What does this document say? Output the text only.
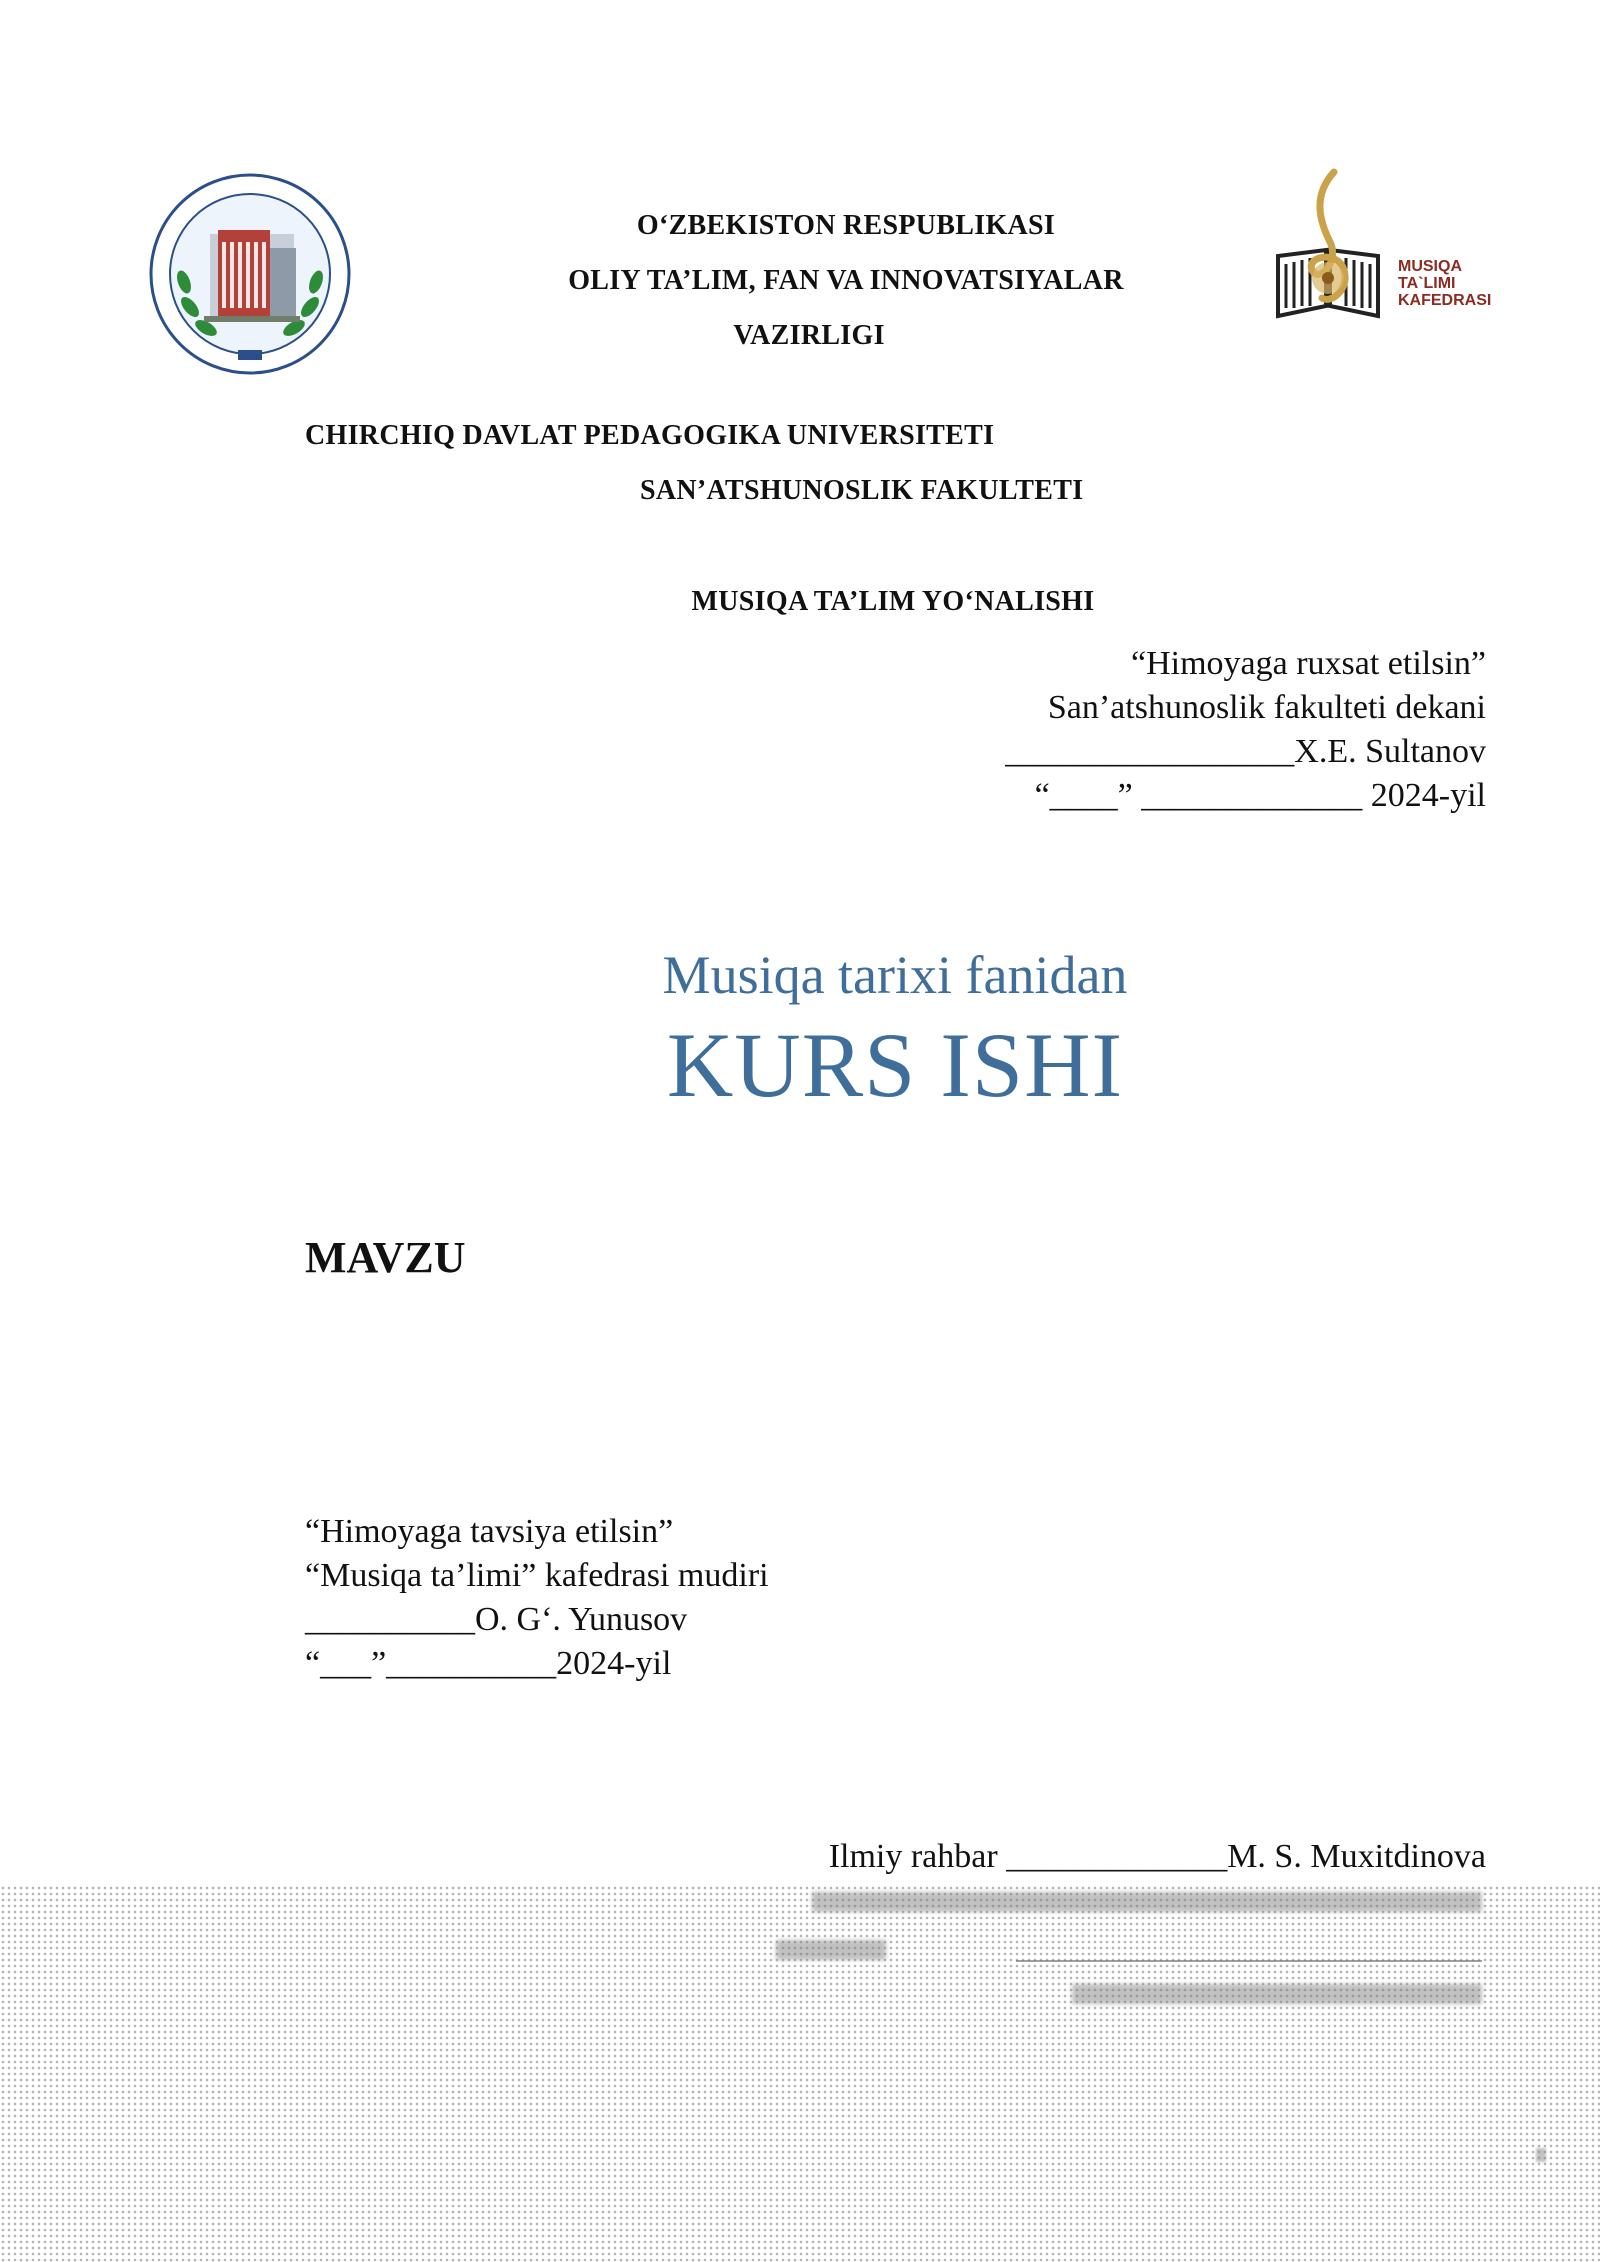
O‘ZBEKISTON RESPUBLIKASI
OLIY TA’LIM, FAN VA INNOVATSIYALAR
VAZIRLIGI
MUSIQA
TA`LIMI
KAFEDRASI
CHIRCHIQ DAVLAT PEDAGOGIKA UNIVERSITETI
SAN’ATSHUNOSLIK FAKULTETI
MUSIQA TA’LIM YO‘NALISHI
“Himoyaga ruxsat etilsin”
San’atshunoslik fakulteti dekani
_________________X.E. Sultanov
“____” _____________ 2024-yil
Musiqa tarixi fanidan
KURS ISHI
MAVZU
“Himoyaga tavsiya etilsin”
“Musiqa ta’limi” kafedrasi mudiri
__________O. G‘. Yunusov
“___”__________2024-yil
Ilmiy rahbar _____________M. S. Muxitdinova
